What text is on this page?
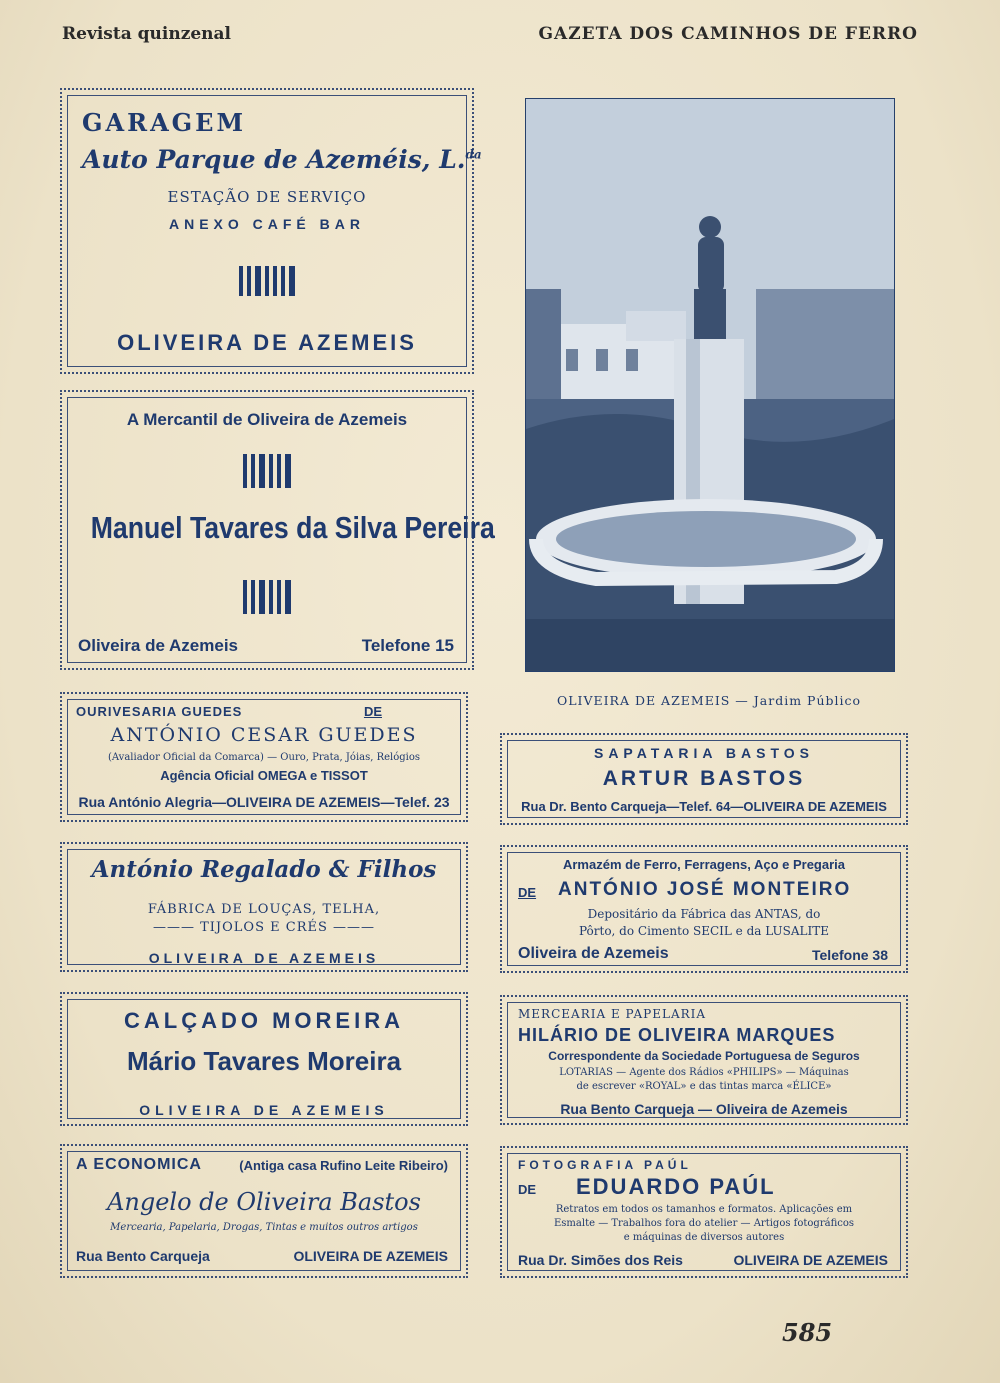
Revista quinzenal	GAZETA DOS CAMINHOS DE FERRO
GARAGEM
Auto Parque de Azeméis, L.$^{da}$
ESTAÇÃO DE SERVIÇO
ANEXO CAFÉ BAR
OLIVEIRA DE AZEMEIS
A Mercantil de Oliveira de Azemeis
Manuel Tavares da Silva Pereira
Oliveira de Azemeis	Telefone 15
OURIVESARIA GUEDES	DE
ANTÓNIO CESAR GUEDES
(Avaliador Oficial da Comarca) — Ouro, Prata, Jóias, Relógios
Agência Oficial OMEGA e TISSOT
Rua António Alegria—OLIVEIRA DE AZEMEIS—Telef. 23
António Regalado & Filhos
FÁBRICA DE LOUÇAS, TELHA,
——— TIJOLOS E CRÉS ———
OLIVEIRA DE AZEMEIS
CALÇADO MOREIRA
Mário Tavares Moreira
OLIVEIRA DE AZEMEIS
A ECONOMICA	(Antiga casa Rufino Leite Ribeiro)
Angelo de Oliveira Bastos
Mercearia, Papelaria, Drogas, Tintas e muitos outros artigos
Rua Bento Carqueja	OLIVEIRA DE AZEMEIS
OLIVEIRA DE AZEMEIS — Jardim Público
SAPATARIA BASTOS
ARTUR BASTOS
Rua Dr. Bento Carqueja—Telef. 64—OLIVEIRA DE AZEMEIS
Armazém de Ferro, Ferragens, Aço e Pregaria
DE ANTÓNIO JOSÉ MONTEIRO
Depositário da Fábrica das ANTAS, do
Pôrto, do Cimento SECIL e da LUSALITE
Oliveira de Azemeis	Telefone 38
MERCEARIA E PAPELARIA
HILÁRIO DE OLIVEIRA MARQUES
Correspondente da Sociedade Portuguesa de Seguros
LOTARIAS — Agente dos Rádios «PHILIPS» — Máquinas
de escrever «ROYAL» e das tintas marca «ÉLICE»
Rua Bento Carqueja — Oliveira de Azemeis
FOTOGRAFIA PAÚL
DE EDUARDO PAÚL
Retratos em todos os tamanhos e formatos. Aplicações em
Esmalte — Trabalhos fora do atelier — Artigos fotográficos
e máquinas de diversos autores
Rua Dr. Simões dos Reis	OLIVEIRA DE AZEMEIS
585
